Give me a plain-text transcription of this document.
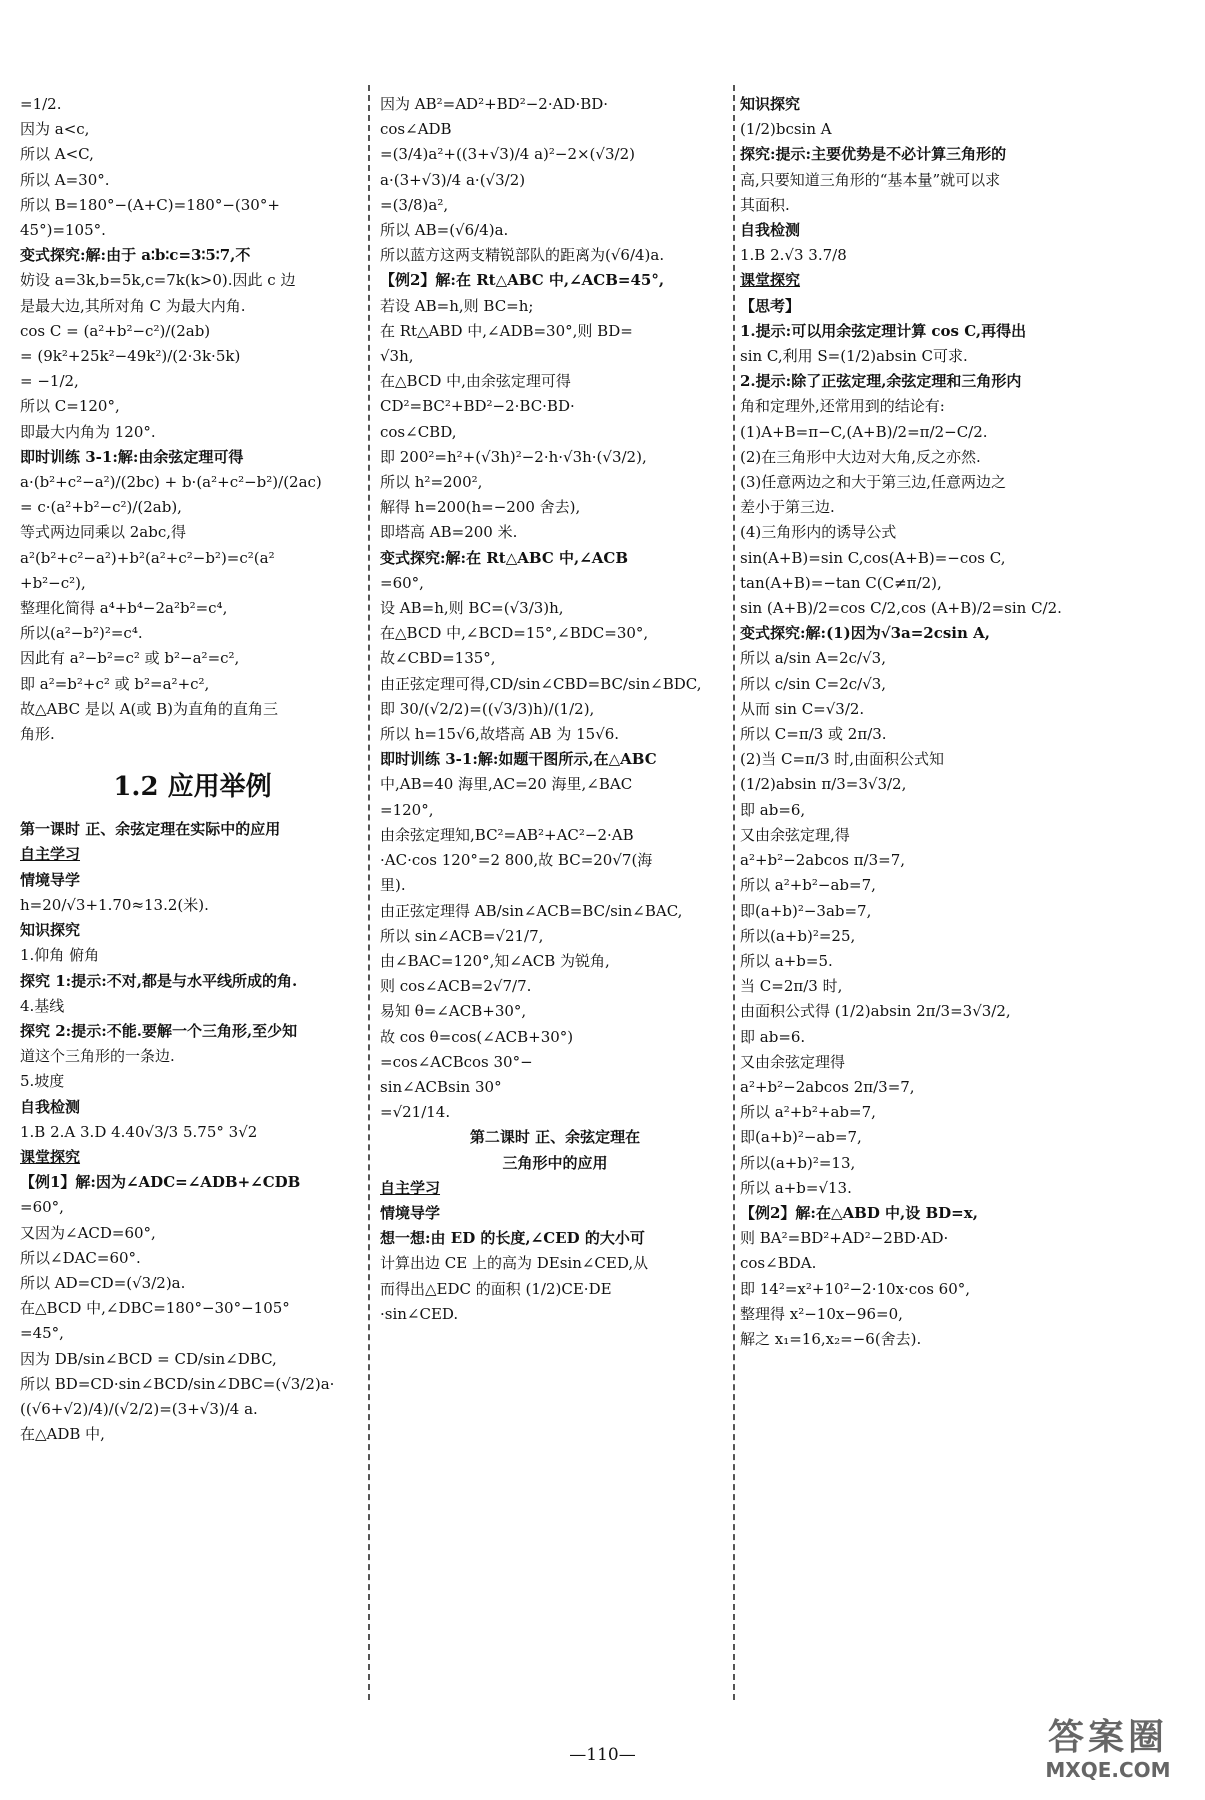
=1/2.
因为 a<c,
所以 A<C,
所以 A=30°.
所以 B=180°−(A+C)=180°−(30°+
45°)=105°.
变式探究:解:由于 a∶b∶c=3∶5∶7,不
妨设 a=3k,b=5k,c=7k(k>0).因此 c 边
是最大边,其所对角 C 为最大内角.
cos C = (a²+b²−c²)/(2ab)
= (9k²+25k²−49k²)/(2·3k·5k)
= −1/2,
所以 C=120°,
即最大内角为 120°.
即时训练 3-1:解:由余弦定理可得
a·(b²+c²−a²)/(2bc) + b·(a²+c²−b²)/(2ac)
= c·(a²+b²−c²)/(2ab),
等式两边同乘以 2abc,得
a²(b²+c²−a²)+b²(a²+c²−b²)=c²(a²
+b²−c²),
整理化简得 a⁴+b⁴−2a²b²=c⁴,
所以(a²−b²)²=c⁴.
因此有 a²−b²=c² 或 b²−a²=c²,
即 a²=b²+c² 或 b²=a²+c²,
故△ABC 是以 A(或 B)为直角的直角三
角形.
1.2 应用举例
第一课时 正、余弦定理在实际中的应用
自主学习
情境导学
h=20/√3+1.70≈13.2(米).
知识探究
1.仰角 俯角
探究 1:提示:不对,都是与水平线所成的角.
4.基线
探究 2:提示:不能.要解一个三角形,至少知
道这个三角形的一条边.
5.坡度
自我检测
1.B 2.A 3.D 4.40√3/3 5.75° 3√2
课堂探究
【例1】解:因为∠ADC=∠ADB+∠CDB
=60°,
又因为∠ACD=60°,
所以∠DAC=60°.
所以 AD=CD=(√3/2)a.
在△BCD 中,∠DBC=180°−30°−105°
=45°,
因为 DB/sin∠BCD = CD/sin∠DBC,
所以 BD=CD·sin∠BCD/sin∠DBC=(√3/2)a·
((√6+√2)/4)/(√2/2)=(3+√3)/4 a.
在△ADB 中,
因为 AB²=AD²+BD²−2·AD·BD·
cos∠ADB
=(3/4)a²+((3+√3)/4 a)²−2×(√3/2)
a·(3+√3)/4 a·(√3/2)
=(3/8)a²,
所以 AB=(√6/4)a.
所以蓝方这两支精锐部队的距离为(√6/4)a.
【例2】解:在 Rt△ABC 中,∠ACB=45°,
若设 AB=h,则 BC=h;
在 Rt△ABD 中,∠ADB=30°,则 BD=
√3h,
在△BCD 中,由余弦定理可得
CD²=BC²+BD²−2·BC·BD·
cos∠CBD,
即 200²=h²+(√3h)²−2·h·√3h·(√3/2),
所以 h²=200²,
解得 h=200(h=−200 舍去),
即塔高 AB=200 米.
变式探究:解:在 Rt△ABC 中,∠ACB
=60°,
设 AB=h,则 BC=(√3/3)h,
在△BCD 中,∠BCD=15°,∠BDC=30°,
故∠CBD=135°,
由正弦定理可得,CD/sin∠CBD=BC/sin∠BDC,
即 30/(√2/2)=((√3/3)h)/(1/2),
所以 h=15√6,故塔高 AB 为 15√6.
即时训练 3-1:解:如题干图所示,在△ABC
中,AB=40 海里,AC=20 海里,∠BAC
=120°,
由余弦定理知,BC²=AB²+AC²−2·AB
·AC·cos 120°=2 800,故 BC=20√7(海
里).
由正弦定理得 AB/sin∠ACB=BC/sin∠BAC,
所以 sin∠ACB=√21/7,
由∠BAC=120°,知∠ACB 为锐角,
则 cos∠ACB=2√7/7.
易知 θ=∠ACB+30°,
故 cos θ=cos(∠ACB+30°)
=cos∠ACBcos 30°−
sin∠ACBsin 30°
=√21/14.
第二课时 正、余弦定理在
三角形中的应用
自主学习
情境导学
想一想:由 ED 的长度,∠CED 的大小可
计算出边 CE 上的高为 DEsin∠CED,从
而得出△EDC 的面积 (1/2)CE·DE
·sin∠CED.
知识探究
(1/2)bcsin A
探究:提示:主要优势是不必计算三角形的
高,只要知道三角形的“基本量”就可以求
其面积.
自我检测
1.B 2.√3 3.7/8
课堂探究
【思考】
1.提示:可以用余弦定理计算 cos C,再得出
sin C,利用 S=(1/2)absin C可求.
2.提示:除了正弦定理,余弦定理和三角形内
角和定理外,还常用到的结论有:
(1)A+B=π−C,(A+B)/2=π/2−C/2.
(2)在三角形中大边对大角,反之亦然.
(3)任意两边之和大于第三边,任意两边之
差小于第三边.
(4)三角形内的诱导公式
sin(A+B)=sin C,cos(A+B)=−cos C,
tan(A+B)=−tan C(C≠π/2),
sin (A+B)/2=cos C/2,cos (A+B)/2=sin C/2.
变式探究:解:(1)因为√3a=2csin A,
所以 a/sin A=2c/√3,
所以 c/sin C=2c/√3,
从而 sin C=√3/2.
所以 C=π/3 或 2π/3.
(2)当 C=π/3 时,由面积公式知
(1/2)absin π/3=3√3/2,
即 ab=6,
又由余弦定理,得
a²+b²−2abcos π/3=7,
所以 a²+b²−ab=7,
即(a+b)²−3ab=7,
所以(a+b)²=25,
所以 a+b=5.
当 C=2π/3 时,
由面积公式得 (1/2)absin 2π/3=3√3/2,
即 ab=6.
又由余弦定理得
a²+b²−2abcos 2π/3=7,
所以 a²+b²+ab=7,
即(a+b)²−ab=7,
所以(a+b)²=13,
所以 a+b=√13.
【例2】解:在△ABD 中,设 BD=x,
则 BA²=BD²+AD²−2BD·AD·
cos∠BDA.
即 14²=x²+10²−2·10x·cos 60°,
整理得 x²−10x−96=0,
解之 x₁=16,x₂=−6(舍去).
—110—	答案圈
MXQE.COM
